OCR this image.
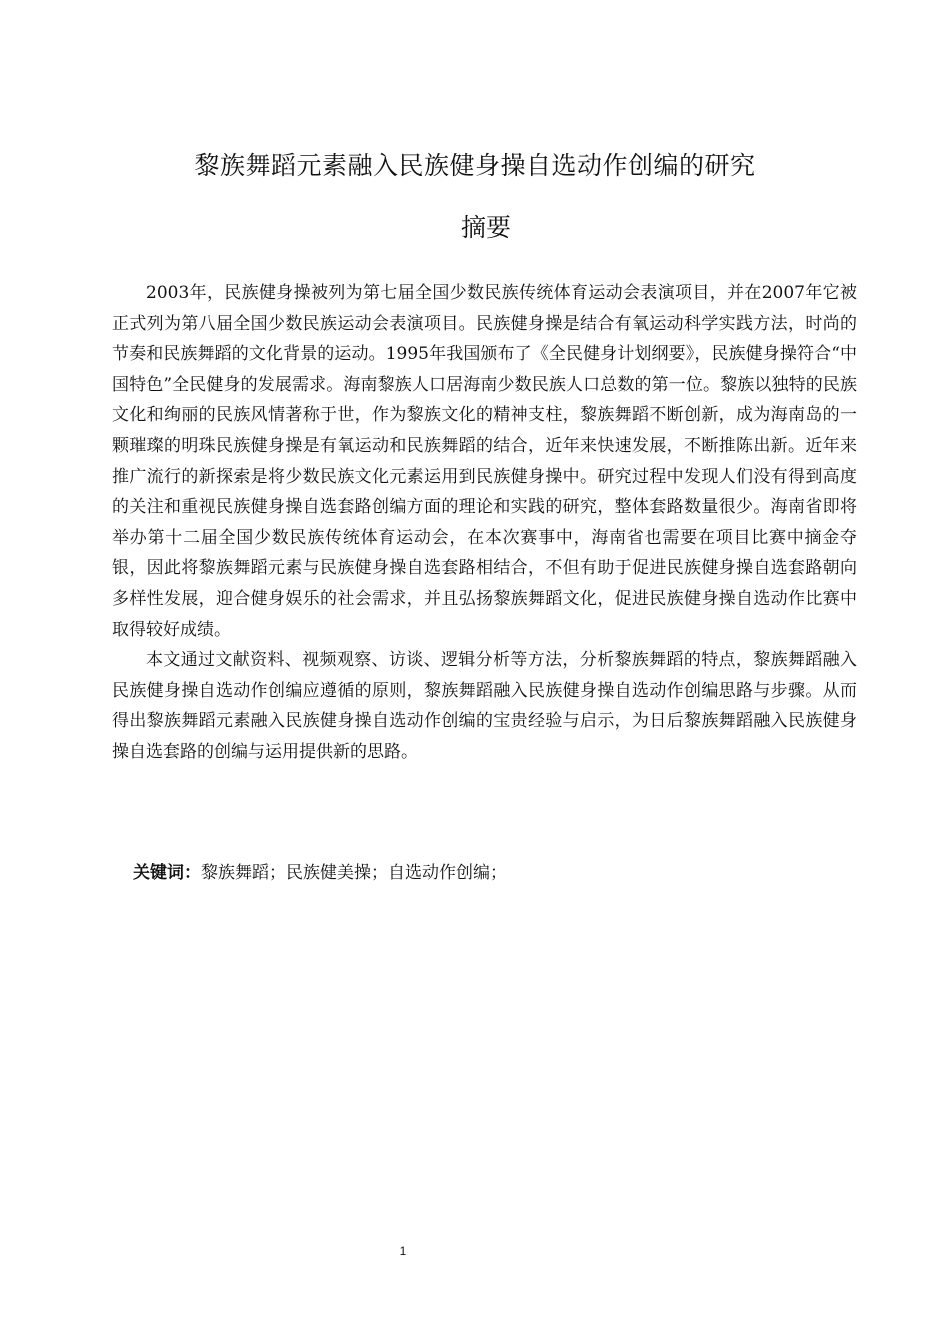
黎族舞蹈元素融入民族健身操自选动作创编的研究
摘要

2003年，民族健身操被列为第七届全国少数民族传统体育运动会表演项目，并在2007年它被正式列为第八届全国少数民族运动会表演项目。民族健身操是结合有氧运动科学实践方法，时尚的节奏和民族舞蹈的文化背景的运动。1995年我国颁布了《全民健身计划纲要》，民族健身操符合“中国特色”全民健身的发展需求。海南黎族人口居海南少数民族人口总数的第一位。黎族以独特的民族文化和绚丽的民族风情著称于世，作为黎族文化的精神支柱，黎族舞蹈不断创新，成为海南岛的一颗璀璨的明珠民族健身操是有氧运动和民族舞蹈的结合，近年来快速发展，不断推陈出新。近年来推广流行的新探索是将少数民族文化元素运用到民族健身操中。研究过程中发现人们没有得到高度的关注和重视民族健身操自选套路创编方面的理论和实践的研究，整体套路数量很少。海南省即将举办第十二届全国少数民族传统体育运动会，在本次赛事中，海南省也需要在项目比赛中摘金夺银，因此将黎族舞蹈元素与民族健身操自选套路相结合，不但有助于促进民族健身操自选套路朝向多样性发展，迎合健身娱乐的社会需求，并且弘扬黎族舞蹈文化，促进民族健身操自选动作比赛中取得较好成绩。

本文通过文献资料、视频观察、访谈、逻辑分析等方法，分析黎族舞蹈的特点，黎族舞蹈融入民族健身操自选动作创编应遵循的原则，黎族舞蹈融入民族健身操自选动作创编思路与步骤。从而得出黎族舞蹈元素融入民族健身操自选动作创编的宝贵经验与启示，为日后黎族舞蹈融入民族健身操自选套路的创编与运用提供新的思路。

关键词：黎族舞蹈；民族健美操；自选动作创编；
1
